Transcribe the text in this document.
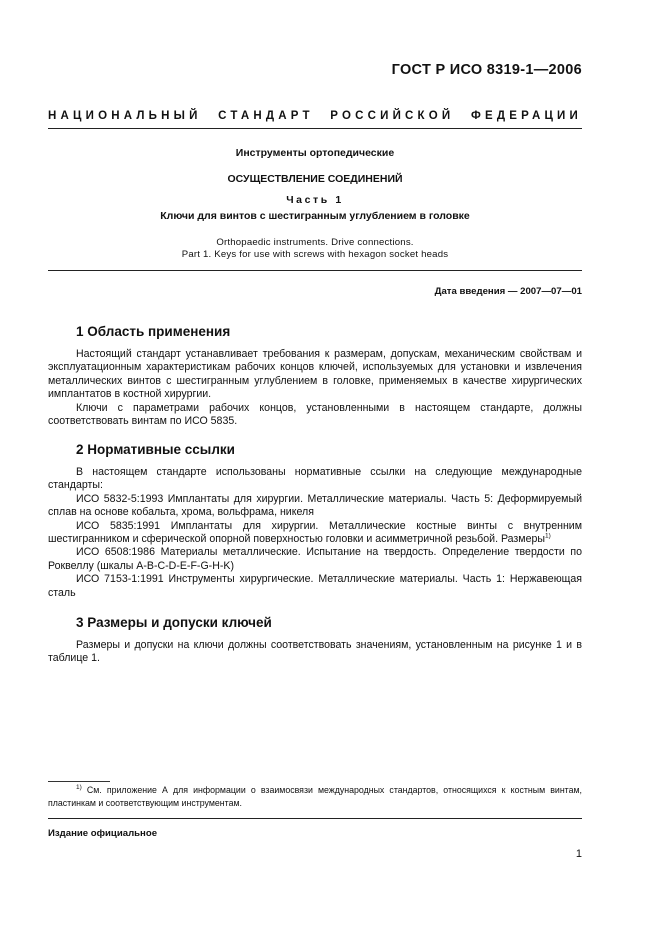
ГОСТ Р ИСО 8319-1—2006
НАЦИОНАЛЬНЫЙ СТАНДАРТ РОССИЙСКОЙ ФЕДЕРАЦИИ
Инструменты ортопедические
ОСУЩЕСТВЛЕНИЕ СОЕДИНЕНИЙ
Часть 1
Ключи для винтов с шестигранным углублением в головке
Orthopaedic instruments. Drive connections.
Part 1. Keys for use with screws with hexagon socket heads
Дата введения — 2007—07—01
1 Область применения

Настоящий стандарт устанавливает требования к размерам, допускам, механическим свойствам и эксплуатационным характеристикам рабочих концов ключей, используемых для установки и извлечения металлических винтов с шестигранным углублением в головке, применяемых в качестве хирургических имплантатов в костной хирургии.

Ключи с параметрами рабочих концов, установленными в настоящем стандарте, должны соответствовать винтам по ИСО 5835.

2 Нормативные ссылки

В настоящем стандарте использованы нормативные ссылки на следующие международные стандарты:

ИСО 5832-5:1993 Имплантаты для хирургии. Металлические материалы. Часть 5: Деформируемый сплав на основе кобальта, хрома, вольфрама, никеля

ИСО 5835:1991 Имплантаты для хирургии. Металлические костные винты с внутренним шестигранником и сферической опорной поверхностью головки и асимметричной резьбой. Размеры$^{1)}$

ИСО 6508:1986 Материалы металлические. Испытание на твердость. Определение твердости по Роквеллу (шкалы A-B-C-D-E-F-G-H-K)

ИСО 7153-1:1991 Инструменты хирургические. Металлические материалы. Часть 1: Нержавеющая сталь

3 Размеры и допуски ключей

Размеры и допуски на ключи должны соответствовать значениям, установленным на рисунке 1 и в таблице 1.

$^{1)}$ См. приложение А для информации о взаимосвязи международных стандартов, относящихся к костным винтам, пластинкам и соответствующим инструментам.

Издание официальное
1
